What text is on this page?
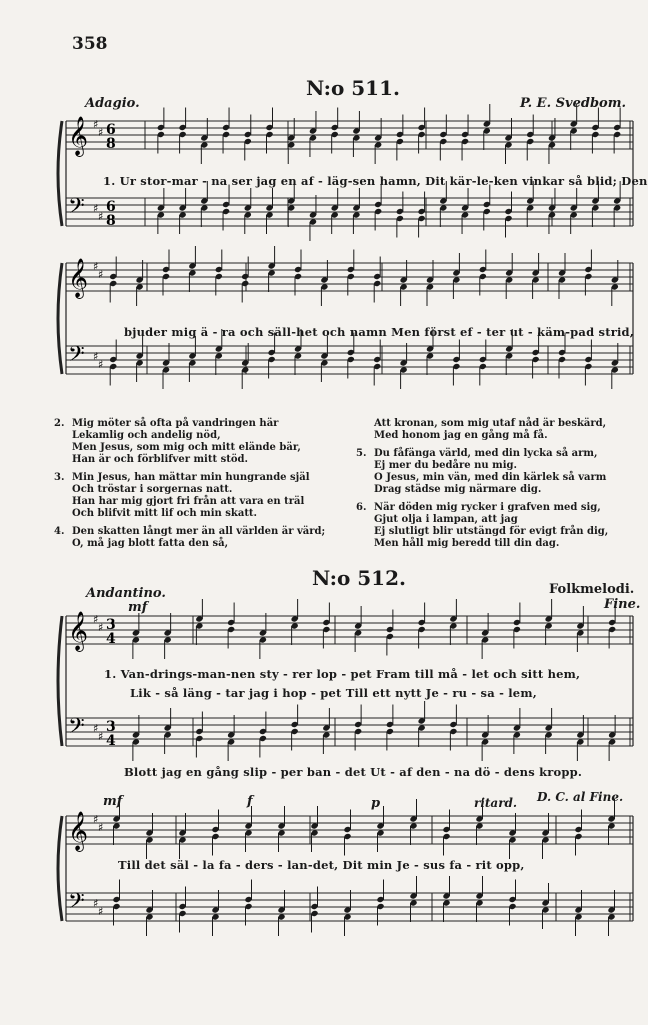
358
N:o 511.
Adagio.	P. E. Svedbom.
𝄞
𝄢
♯
♯
♯
♯
6
8
6
8
𝄞
𝄢
♯
♯
♯
♯
𝄞
𝄢
♯
♯
♯
♯
3
4
3
4
𝄞
𝄢
♯
♯
♯
♯
1. Ur stor-mar - na ser jag en af - läg-sen hamn, Dit kär-le-ken vinkar så blid; Den
bjuder mig ä - ra och säll-het och namn Men först ef - ter ut - käm-pad strid,
2. Mig möter så ofta på vandringen här
Lekamlig och andelig nöd,
Men Jesus, som mig och mitt elände bär,
Han är och förblifver mitt stöd.
3. Min Jesus, han mättar min hungrande själ
Och tröstar i sorgernas natt.
Han har mig gjort fri från att vara en träl
Och blifvit mitt lif och min skatt.
4. Den skatten långt mer än all världen är värd;
O, må jag blott fatta den så,
Att kronan, som mig utaf nåd är beskärd,
Med honom jag en gång må få.
5. Du fåfänga värld, med din lycka så arm,
Ej mer du bedåre nu mig.
O Jesus, min vän, med din kärlek så varm
Drag städse mig närmare dig.
6. När döden mig rycker i grafven med sig,
Gjut olja i lampan, att jag
Ej slutligt blir utstängd för evigt från dig,
Men håll mig beredd till din dag.
N:o 512.	Folkmelodi.
Andantino.
mf	Fine.
1. Van-drings-man-nen sty - rer lop - pet Fram till må - let och sitt hem,
Lik - så läng - tar jag i hop - pet Till ett nytt Je - ru - sa - lem,
Blott jag en gång slip - per ban - det Ut - af den - na dö - dens kropp.
mf	f	p	ritard. D. C. al Fine.
Till det säl - la fa - ders - lan-det, Dit min Je - sus fa - rit opp,
